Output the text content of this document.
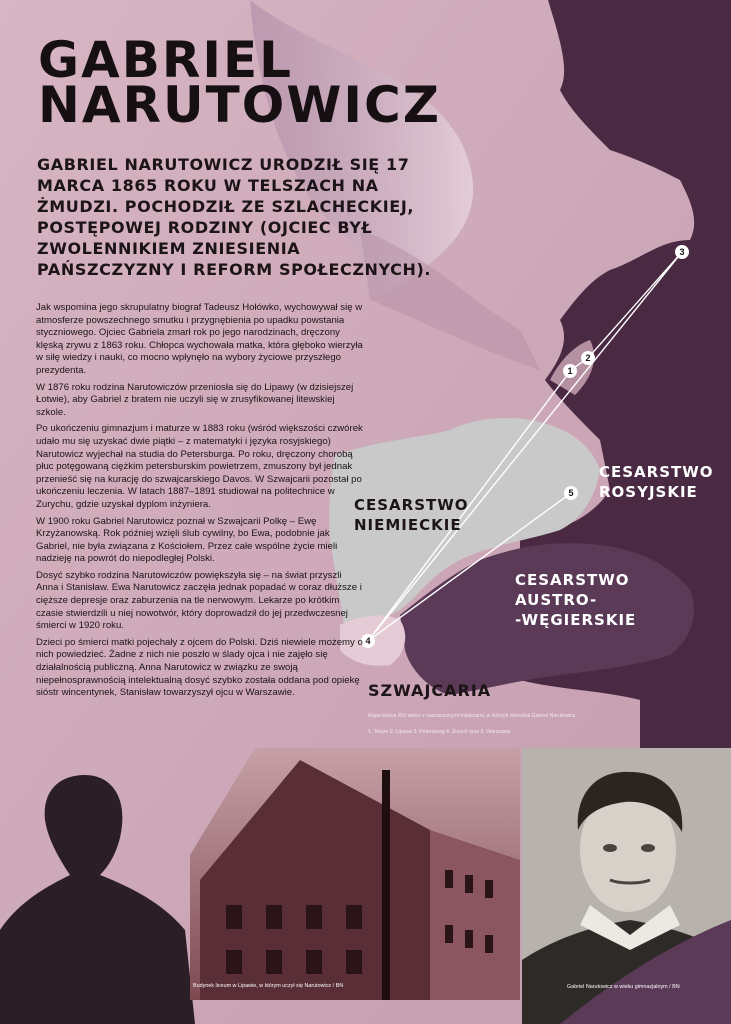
1
2
3
4
5
GABRIEL
NARUTOWICZ

GABRIEL NARUTOWICZ URODZIŁ SIĘ 17 MARCA 1865 ROKU W TELSZACH NA ŻMUDZI. POCHODZIŁ ZE SZLACHECKIEJ, POSTĘPOWEJ RODZINY (OJCIEC BYŁ ZWOLENNIKIEM ZNIESIENIA PAŃSZCZYZNY I REFORM SPOŁECZNYCH).

Jak wspomina jego skrupulatny biograf Tadeusz Hołówko, wychowywał się w atmosferze powszechnego smutku i przygnębienia po upadku powstania styczniowego. Ojciec Gabriela zmarł rok po jego narodzinach, dręczony klęską zrywu z 1863 roku. Chłopca wychowała matka, która głęboko wierzyła w siłę wiedzy i nauki, co mocno wpłynęło na wybory życiowe przyszłego prezydenta.

W 1876 roku rodzina Narutowiczów przeniosła się do Lipawy (w dzisiejszej Łotwie), aby Gabriel z bratem nie uczyli się w zrusyfikowanej litewskiej szkole.

Po ukończeniu gimnazjum i maturze w 1883 roku (wśród większości czwórek udało mu się uzyskać dwie piątki – z matematyki i języka rosyjskiego) Narutowicz wyjechał na studia do Petersburga. Po roku, dręczony chorobą płuc potęgowaną ciężkim petersburskim powietrzem, zmuszony był jednak przenieść się na kurację do szwajcarskiego Davos. W Szwajcarii pozostał po ukończeniu leczenia. W latach 1887–1891 studiował na politechnice w Zurychu, gdzie uzyskał dyplom inżyniera.

W 1900 roku Gabriel Narutowicz poznał w Szwajcarii Polkę – Ewę Krzyżanowską. Rok później wzięli ślub cywilny, bo Ewa, podobnie jak Gabriel, nie była związana z Kościołem. Przez całe wspólne życie mieli nadzieję na powrót do niepodległej Polski.

Dosyć szybko rodzina Narutowiczów powiększyła się – na świat przyszli Anna i Stanisław. Ewa Narutowicz zaczęła jednak popadać w coraz dłuższe i cięższe depresje oraz zaburzenia na tle nerwowym. Lekarze po krótkim czasie stwierdzili u niej nowotwór, który doprowadził do jej przedwczesnej śmierci w 1920 roku.

Dzieci po śmierci matki pojechały z ojcem do Polski. Dziś niewiele możemy o nich powiedzieć. Żadne z nich nie poszło w ślady ojca i nie zajęło się działalnością publiczną. Anna Narutowicz w związku ze swoją niepełnosprawnością intelektualną dosyć szybko została oddana pod opiekę sióstr wincentynek, Stanisław towarzyszył ojcu w Warszawie.

CESARSTWO
NIEMIECKIE
CESARSTWO
ROSYJSKIE
CESARSTWO
AUSTRO-
-WĘGIERSKIE
SZWAJCARIA
Mapa końca XIX wieku z zaznaczonymi miejscami, w których mieszkał Gabriel Narutowicz
1. Telsze 2. Lipawa 3. Petersburg 4. Zurych oraz 5. Warszawa
Budynek liceum w Lipawie, w którym uczył się Narutowicz / BN	Gabriel Narutowicz w wieku gimnazjalnym / BN
